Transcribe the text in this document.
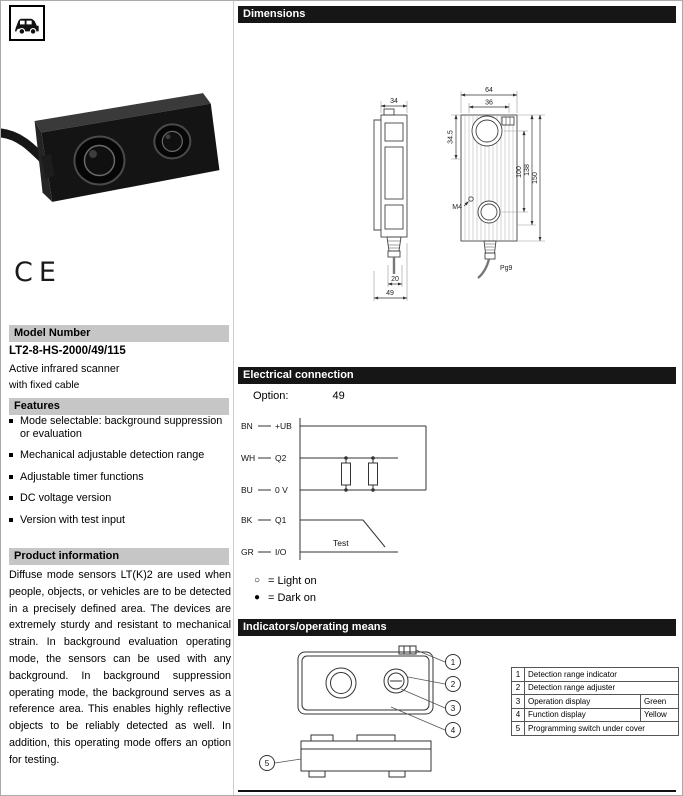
CE
Model Number
LT2-8-HS-2000/49/115
Active infrared scanner
with fixed cable
Features
Mode selectable: background suppression or evaluation
Mechanical adjustable detection range
Adjustable timer functions
DC voltage version
Version with test input
Product information
Diffuse mode sensors LT(K)2 are used when people, objects, or vehicles are to be detected in a precisely defined area. The devices are extremely sturdy and resistant to mechanical strain. In background evaluation operating mode, the sensors can be used with any background. In background suppression operating mode, the background serves as a reference area. This enables highly reflective objects to be reliably detected as well. In addition, this operating mode offers an option for testing.
Dimensions
34
20
49
64
36
34.5
100 138
150
M4
Pg9
Electrical connection
Option:	49
BN	+UB
WH Q2
BU	0 V
BK	Q1
GR	I/O
Test
○ = Light on
● = Dark on
Indicators/operating means
1
2
3
4
5
1	Detection range indicator	
2	Detection range adjuster	
3	Operation display	Green
4	Function display	Yellow
5	Programming switch under cover	
